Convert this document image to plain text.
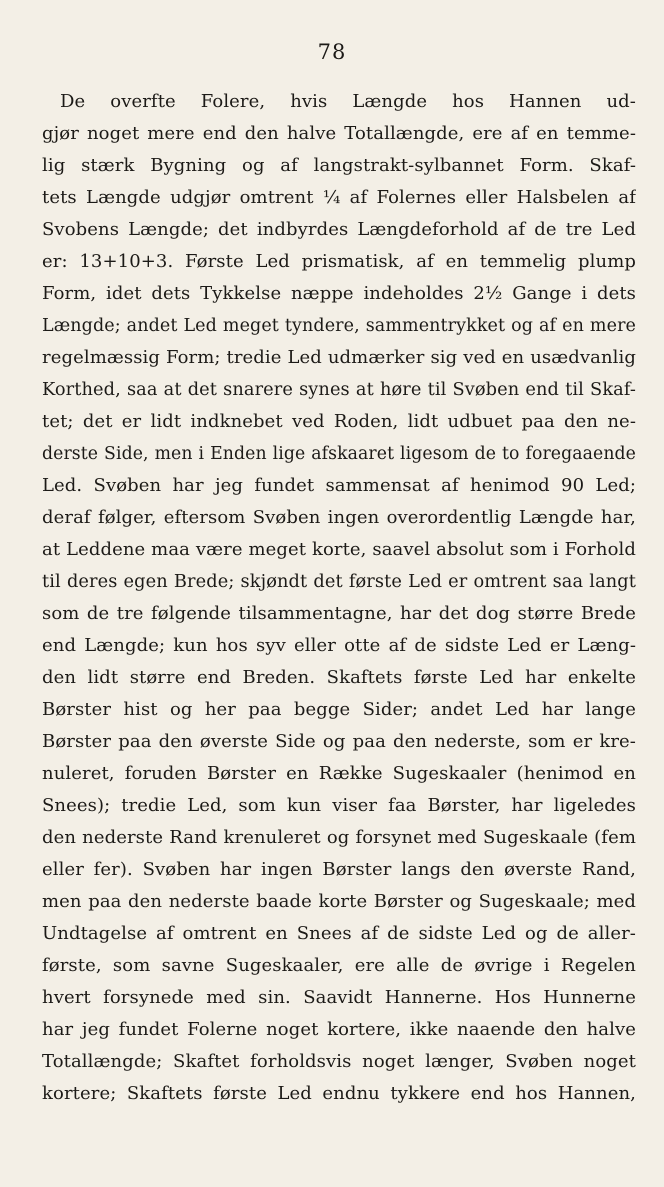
78
De overfte Folere, hvis Længde hos Hannen ud-
gjør noget mere end den halve Totallængde, ere af en temme-
lig stærk Bygning og af langstrakt-sylbannet Form. Skaf-
tets Længde udgjør omtrent ¼ af Folernes eller Halsbelen af
Svobens Længde; det indbyrdes Længdeforhold af de tre Led
er: 13+10+3. Første Led prismatisk, af en temmelig plump
Form, idet dets Tykkelse næppe indeholdes 2½ Gange i dets
Længde; andet Led meget tyndere, sammentrykket og af en mere
regelmæssig Form; tredie Led udmærker sig ved en usædvanlig
Korthed, saa at det snarere synes at høre til Svøben end til Skaf-
tet; det er lidt indknebet ved Roden, lidt udbuet paa den ne-
derste Side, men i Enden lige afskaaret ligesom de to foregaaende
Led. Svøben har jeg fundet sammensat af henimod 90 Led;
deraf følger, eftersom Svøben ingen overordentlig Længde har,
at Leddene maa være meget korte, saavel absolut som i Forhold
til deres egen Brede; skjøndt det første Led er omtrent saa langt
som de tre følgende tilsammentagne, har det dog større Brede
end Længde; kun hos syv eller otte af de sidste Led er Læng-
den lidt større end Breden. Skaftets første Led har enkelte
Børster hist og her paa begge Sider; andet Led har lange
Børster paa den øverste Side og paa den nederste, som er kre-
nuleret, foruden Børster en Række Sugeskaaler (henimod en
Snees); tredie Led, som kun viser faa Børster, har ligeledes
den nederste Rand krenuleret og forsynet med Sugeskaale (fem
eller fer). Svøben har ingen Børster langs den øverste Rand,
men paa den nederste baade korte Børster og Sugeskaale; med
Undtagelse af omtrent en Snees af de sidste Led og de aller-
første, som savne Sugeskaaler, ere alle de øvrige i Regelen
hvert forsynede med sin. Saavidt Hannerne. Hos Hunnerne
har jeg fundet Folerne noget kortere, ikke naaende den halve
Totallængde; Skaftet forholdsvis noget længer, Svøben noget
kortere; Skaftets første Led endnu tykkere end hos Hannen,
